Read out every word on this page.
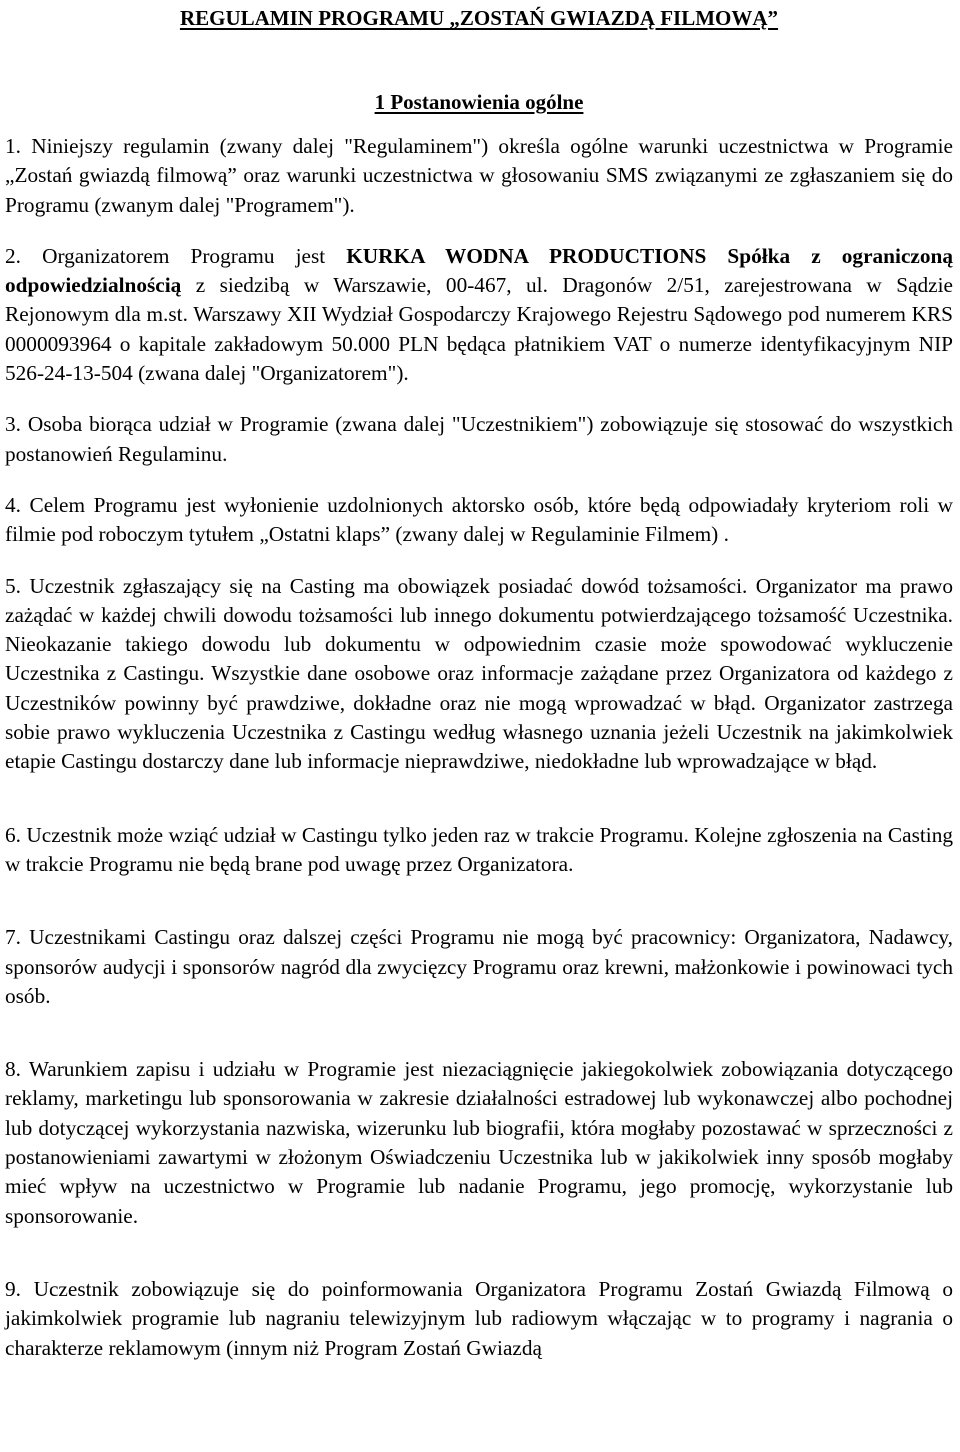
REGULAMIN PROGRAMU „ZOSTAŃ GWIAZDĄ FILMOWĄ”
1 Postanowienia ogólne

1. Niniejszy regulamin (zwany dalej "Regulaminem") określa ogólne warunki uczestnictwa w Programie „Zostań gwiazdą filmową” oraz warunki uczestnictwa w głosowaniu SMS związanymi ze zgłaszaniem się do Programu (zwanym dalej "Programem").

2. Organizatorem Programu jest KURKA WODNA PRODUCTIONS Spółka z ograniczoną odpowiedzialnością z siedzibą w Warszawie, 00-467, ul. Dragonów 2/51, zarejestrowana w Sądzie Rejonowym dla m.st. Warszawy XII Wydział Gospodarczy Krajowego Rejestru Sądowego pod numerem KRS 0000093964 o kapitale zakładowym 50.000 PLN będąca płatnikiem VAT o numerze identyfikacyjnym NIP 526-24-13-504 (zwana dalej "Organizatorem").

3. Osoba biorąca udział w Programie (zwana dalej "Uczestnikiem") zobowiązuje się stosować do wszystkich postanowień Regulaminu.

4. Celem Programu jest wyłonienie uzdolnionych aktorsko osób, które będą odpowiadały kryteriom roli w filmie pod roboczym tytułem „Ostatni klaps” (zwany dalej w Regulaminie Filmem) .

5. Uczestnik zgłaszający się na Casting ma obowiązek posiadać dowód tożsamości. Organizator ma prawo zażądać w każdej chwili dowodu tożsamości lub innego dokumentu potwierdzającego tożsamość Uczestnika. Nieokazanie takiego dowodu lub dokumentu w odpowiednim czasie może spowodować wykluczenie Uczestnika z Castingu. Wszystkie dane osobowe oraz informacje zażądane przez Organizatora od każdego z Uczestników powinny być prawdziwe, dokładne oraz nie mogą wprowadzać w błąd. Organizator zastrzega sobie prawo wykluczenia Uczestnika z Castingu według własnego uznania jeżeli Uczestnik na jakimkolwiek etapie Castingu dostarczy dane lub informacje nieprawdziwe, niedokładne lub wprowadzające w błąd.

6. Uczestnik może wziąć udział w Castingu tylko jeden raz w trakcie Programu. Kolejne zgłoszenia na Casting w trakcie Programu nie będą brane pod uwagę przez Organizatora.

7. Uczestnikami Castingu oraz dalszej części Programu nie mogą być pracownicy: Organizatora, Nadawcy, sponsorów audycji i sponsorów nagród dla zwycięzcy Programu oraz krewni, małżonkowie i powinowaci tych osób.

8. Warunkiem zapisu i udziału w Programie jest niezaciągnięcie jakiegokolwiek zobowiązania dotyczącego reklamy, marketingu lub sponsorowania w zakresie działalności estradowej lub wykonawczej albo pochodnej lub dotyczącej wykorzystania nazwiska, wizerunku lub biografii, która mogłaby pozostawać w sprzeczności z postanowieniami zawartymi w złożonym Oświadczeniu Uczestnika lub w jakikolwiek inny sposób mogłaby mieć wpływ na uczestnictwo w Programie lub nadanie Programu, jego promocję, wykorzystanie lub sponsorowanie.

9. Uczestnik zobowiązuje się do poinformowania Organizatora Programu Zostań Gwiazdą Filmową o jakimkolwiek programie lub nagraniu telewizyjnym lub radiowym włączając w to programy i nagrania o charakterze reklamowym (innym niż Program Zostań Gwiazdą
